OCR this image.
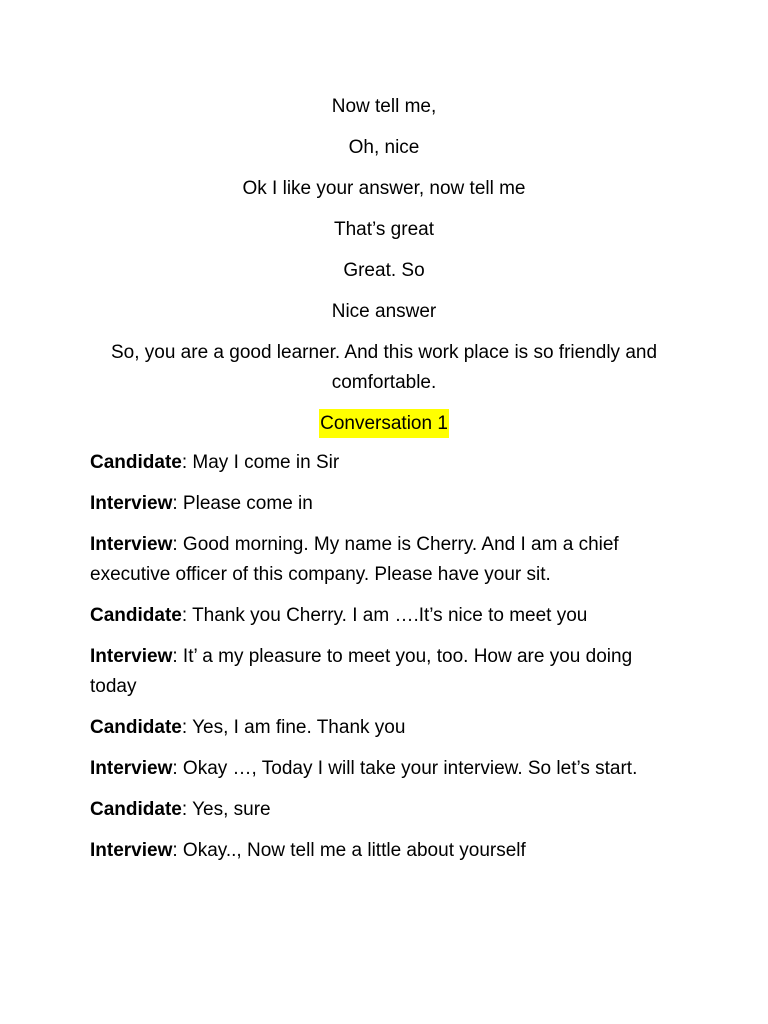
Now tell me,

Oh, nice

Ok I like your answer, now tell me

That’s great

Great. So

Nice answer

So, you are a good learner. And this work place is so friendly and comfortable.

Conversation 1

Candidate: May I come in Sir

Interview: Please come in

Interview: Good morning. My name is Cherry. And I am a chief executive officer of this company. Please have your sit.

Candidate: Thank you Cherry. I am ….It’s nice to meet you

Interview: It’ a my pleasure to meet you, too. How are you doing today

Candidate: Yes, I am fine. Thank you

Interview: Okay …, Today I will take your interview. So let’s start.

Candidate: Yes, sure

Interview: Okay.., Now tell me a little about yourself
